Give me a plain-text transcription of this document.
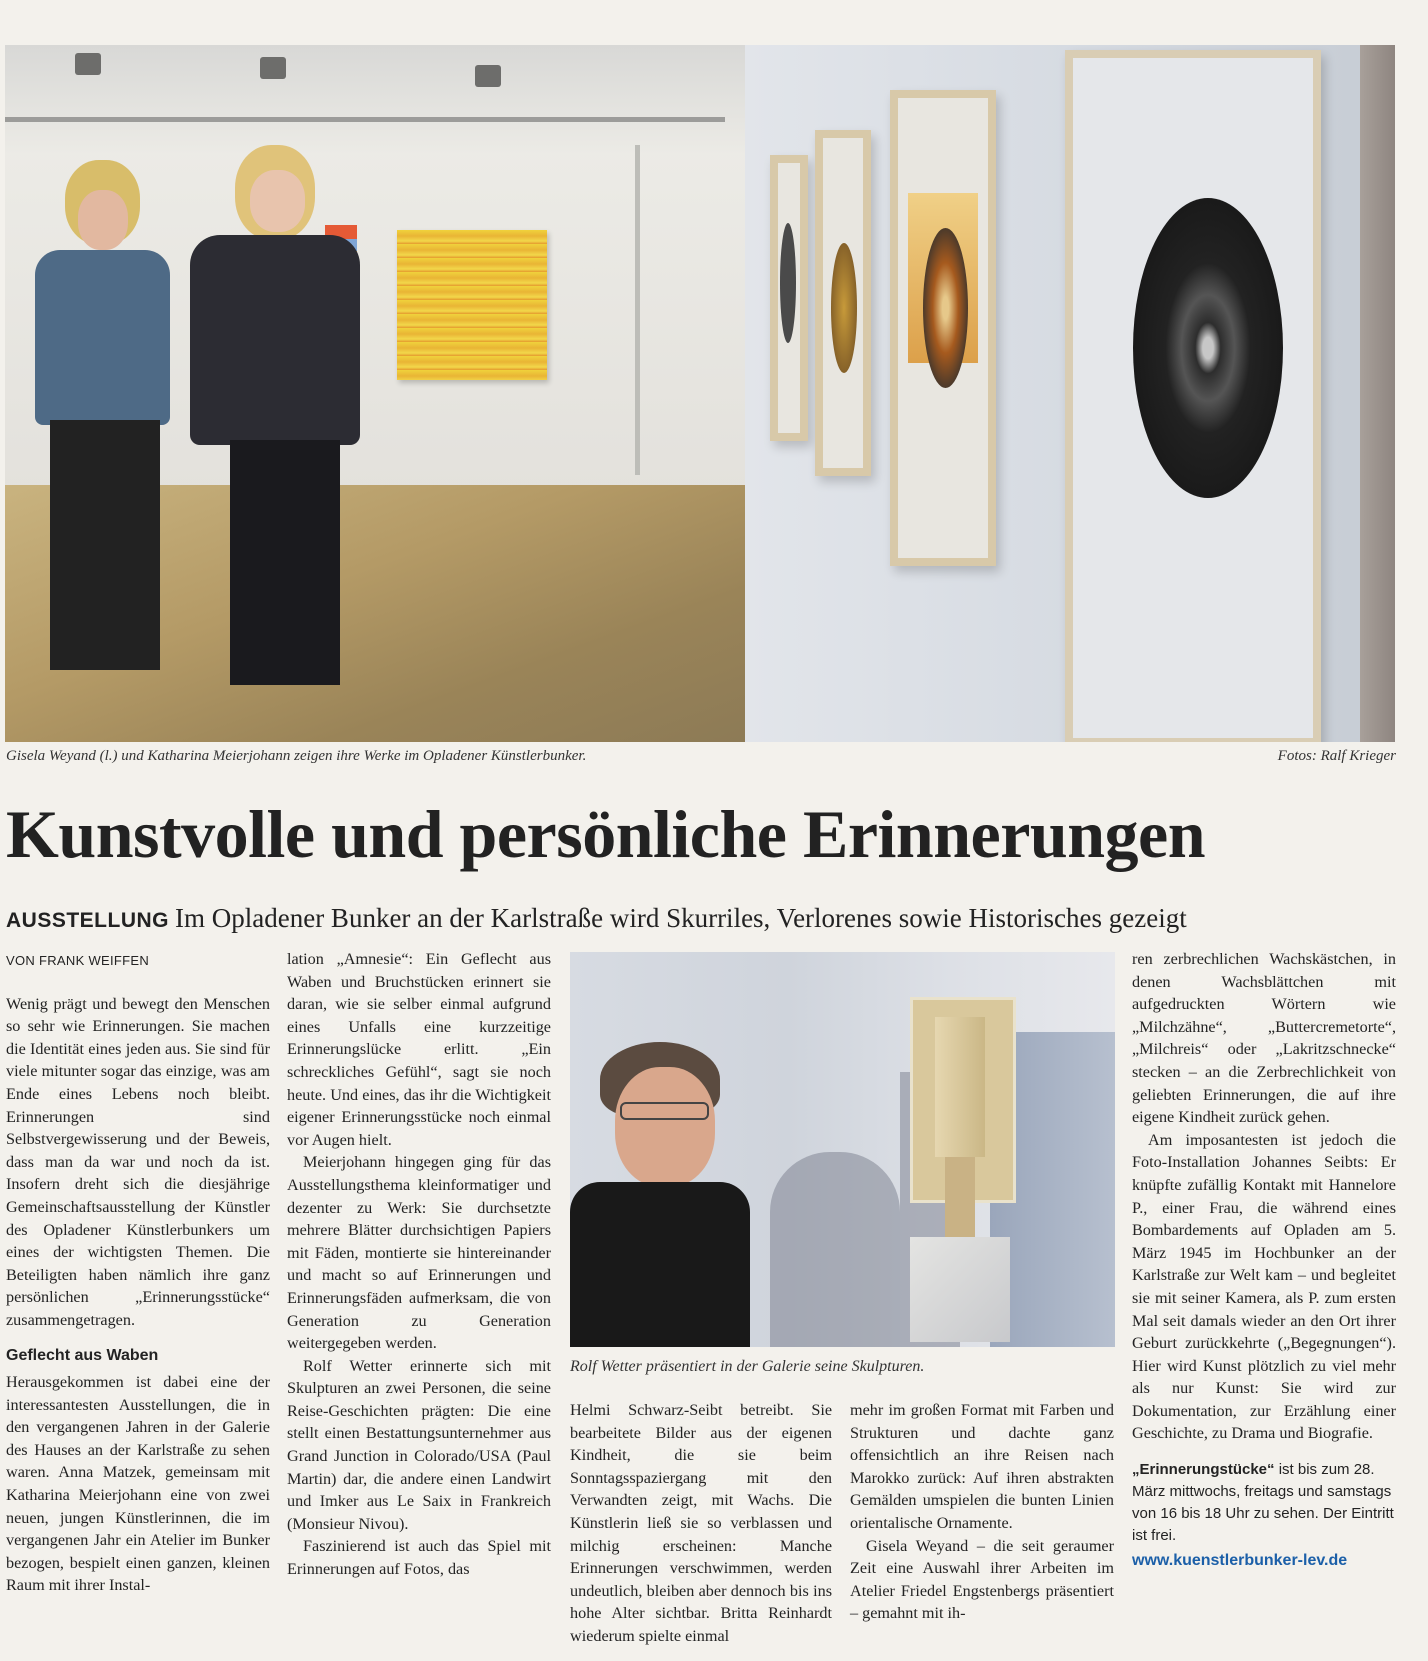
Gisela Weyand (l.) und Katharina Meierjohann zeigen ihre Werke im Opladener Künstlerbunker.	Fotos: Ralf Krieger
Kunstvolle und persönliche Erinnerungen
AUSSTELLUNG Im Opladener Bunker an der Karlstraße wird Skurriles, Verlorenes sowie Historisches gezeigt

VON FRANK WEIFFEN

Wenig prägt und bewegt den Menschen so sehr wie Erinnerungen. Sie machen die Identität eines jeden aus. Sie sind für viele mitunter sogar das einzige, was am Ende eines Lebens noch bleibt. Erinnerungen sind Selbstvergewisserung und der Beweis, dass man da war und noch da ist. Insofern dreht sich die diesjährige Gemeinschaftsausstellung der Künstler des Opladener Künstlerbunkers um eines der wichtigsten Themen. Die Beteiligten haben nämlich ihre ganz persönlichen „Erinnerungsstücke“ zusammengetragen.

Geflecht aus Waben

Herausgekommen ist dabei eine der interessantesten Ausstellungen, die in den vergangenen Jahren in der Galerie des Hauses an der Karlstraße zu sehen waren. Anna Matzek, gemeinsam mit Katharina Meierjohann eine von zwei neuen, jungen Künstlerinnen, die im vergangenen Jahr ein Atelier im Bunker bezogen, bespielt einen ganzen, kleinen Raum mit ihrer Instal-

lation „Amnesie“: Ein Geflecht aus Waben und Bruchstücken erinnert sie daran, wie sie selber einmal aufgrund eines Unfalls eine kurzzeitige Erinnerungslücke erlitt. „Ein schreckliches Gefühl“, sagt sie noch heute. Und eines, das ihr die Wichtigkeit eigener Erinnerungsstücke noch einmal vor Augen hielt.

Meierjohann hingegen ging für das Ausstellungsthema kleinformatiger und dezenter zu Werk: Sie durchsetzte mehrere Blätter durchsichtigen Papiers mit Fäden, montierte sie hintereinander und macht so auf Erinnerungen und Erinnerungsfäden aufmerksam, die von Generation zu Generation weitergegeben werden.

Rolf Wetter erinnerte sich mit Skulpturen an zwei Personen, die seine Reise-Geschichten prägten: Die eine stellt einen Bestattungsunternehmer aus Grand Junction in Colorado/USA (Paul Martin) dar, die andere einen Landwirt und Imker aus Le Saix in Frankreich (Monsieur Nivou).

Faszinierend ist auch das Spiel mit Erinnerungen auf Fotos, das

Rolf Wetter präsentiert in der Galerie seine Skulpturen.

Helmi Schwarz-Seibt betreibt. Sie bearbeitete Bilder aus der eigenen Kindheit, die sie beim Sonntagsspaziergang mit den Verwandten zeigt, mit Wachs. Die Künstlerin ließ sie so verblassen und milchig erscheinen: Manche Erinnerungen verschwimmen, werden undeutlich, bleiben aber dennoch bis ins hohe Alter sichtbar. Britta Reinhardt wiederum spielte einmal

mehr im großen Format mit Farben und Strukturen und dachte ganz offensichtlich an ihre Reisen nach Marokko zurück: Auf ihren abstrakten Gemälden umspielen die bunten Linien orientalische Ornamente.

Gisela Weyand – die seit geraumer Zeit eine Auswahl ihrer Arbeiten im Atelier Friedel Engstenbergs präsentiert – gemahnt mit ih-

ren zerbrechlichen Wachskästchen, in denen Wachsblättchen mit aufgedruckten Wörtern wie „Milchzähne“, „Buttercremetorte“, „Milchreis“ oder „Lakritzschnecke“ stecken – an die Zerbrechlichkeit von geliebten Erinnerungen, die auf ihre eigene Kindheit zurück gehen.

Am imposantesten ist jedoch die Foto-Installation Johannes Seibts: Er knüpfte zufällig Kontakt mit Hannelore P., einer Frau, die während eines Bombardements auf Opladen am 5. März 1945 im Hochbunker an der Karlstraße zur Welt kam – und begleitet sie mit seiner Kamera, als P. zum ersten Mal seit damals wieder an den Ort ihrer Geburt zurückkehrte („Begegnungen“). Hier wird Kunst plötzlich zu viel mehr als nur Kunst: Sie wird zur Dokumentation, zur Erzählung einer Geschichte, zu Drama und Biografie.

„Erinnerungstücke“ ist bis zum 28. März mittwochs, freitags und samstags von 16 bis 18 Uhr zu sehen. Der Eintritt ist frei.

www.kuenstlerbunker-lev.de
